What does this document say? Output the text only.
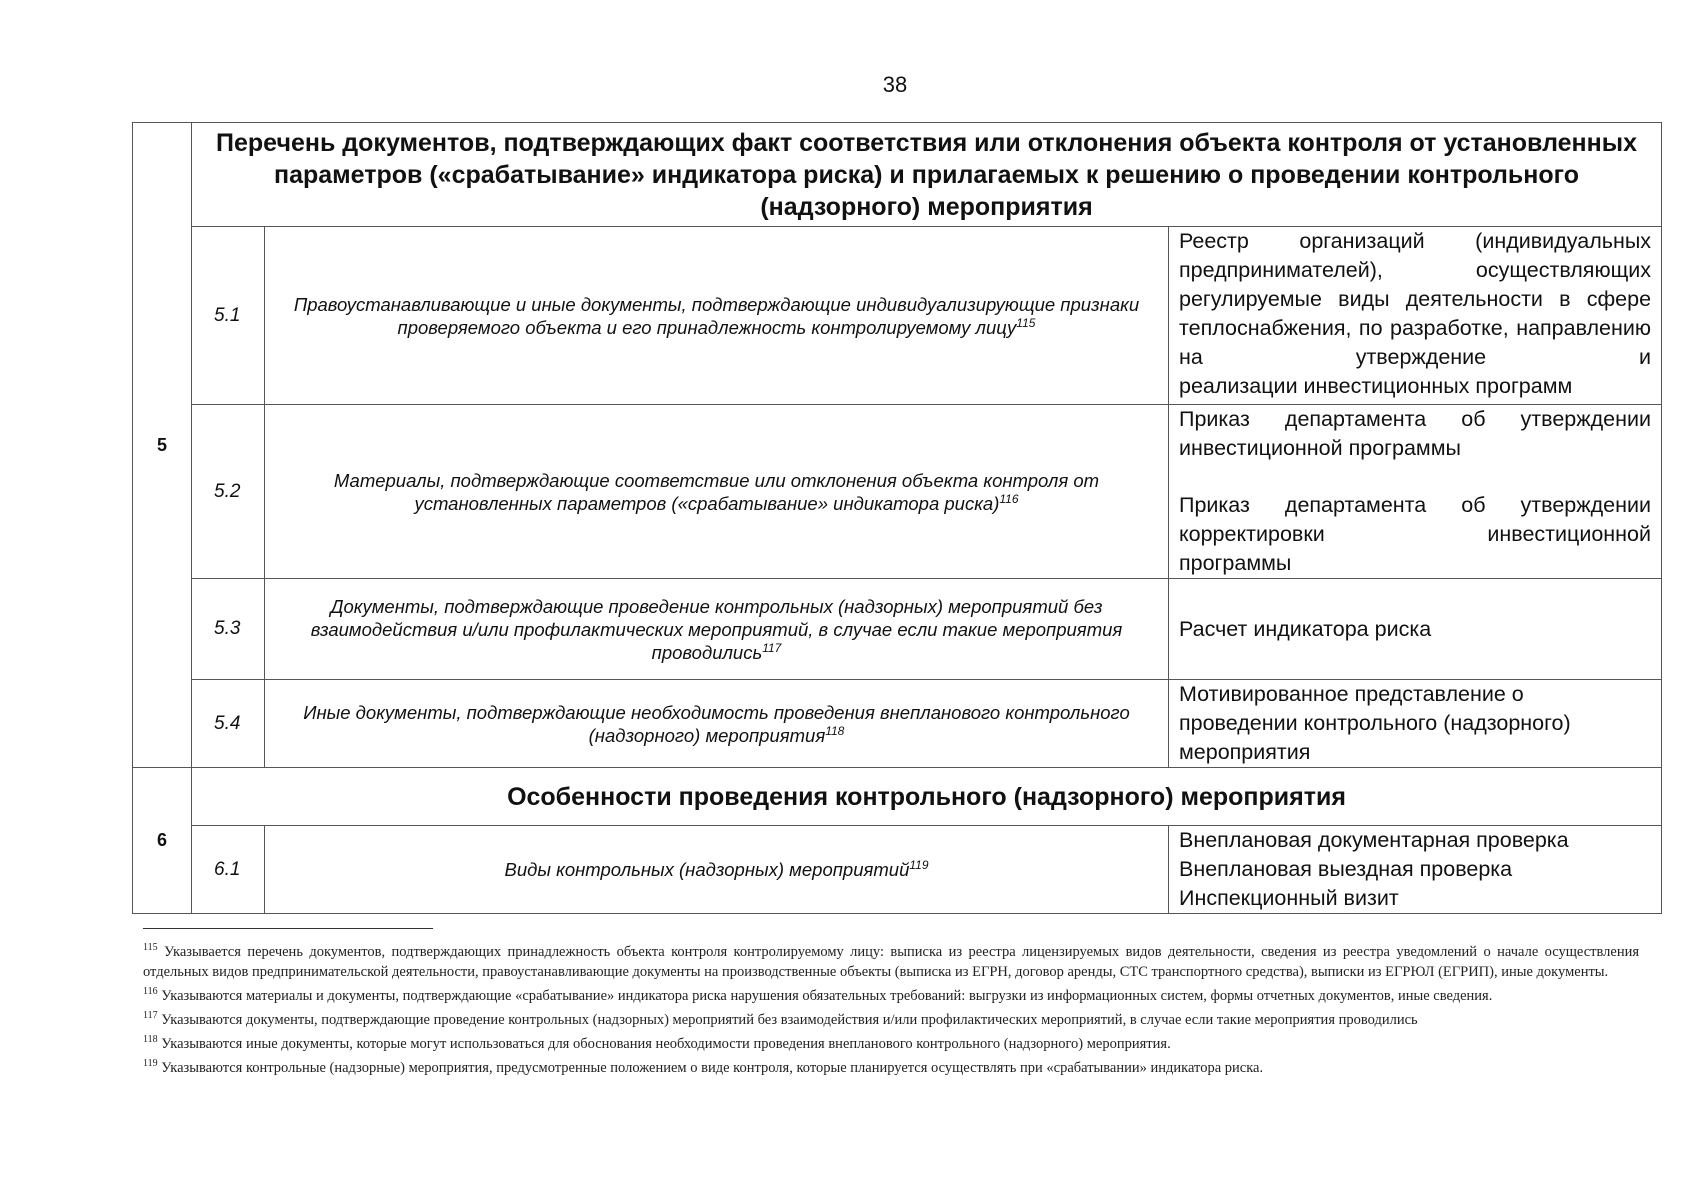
38
5	Перечень документов, подтверждающих факт соответствия или отклонения объекта контроля от установленных параметров («срабатывание» индикатора риска) и прилагаемых к решению о проведении контрольного (надзорного) мероприятия		
	5.1	Правоустанавливающие и иные документы, подтверждающие индивидуализирующие признаки проверяемого объекта и его принадлежность контролируемому лицу$^{115}$	Реестр организаций (индивидуальных предпринимателей), осуществляющих регулируемые виды деятельности в сфере теплоснабжения, по разработке, направлению на утверждение и
реализации инвестиционных программ

	5.2	Материалы, подтверждающие соответствие или отклонения объекта контроля от установленных параметров («срабатывание» индикатора риска)$^{116}$	Приказ департамента об утверждении
инвестиционной программы
Приказ департамента об утверждении корректировки инвестиционной
программы

	5.3	Документы, подтверждающие проведение контрольных (надзорных) мероприятий без взаимодействия и/или профилактических мероприятий, в случае если такие мероприятия проводились$^{117}$	Расчет индикатора риска
	5.4	Иные документы, подтверждающие необходимость проведения внепланового контрольного (надзорного) мероприятия$^{118}$	Мотивированное представление о
проведении контрольного (надзорного)
мероприятия

6	Особенности проведения контрольного (надзорного) мероприятия		
	6.1	Виды контрольных (надзорных) мероприятий$^{119}$	Внеплановая документарная проверка
Внеплановая выездная проверка
Инспекционный визит

$^{115}$ Указывается перечень документов, подтверждающих принадлежность объекта контроля контролируемому лицу: выписка из реестра лицензируемых видов деятельности, сведения из реестра уведомлений о начале осуществления отдельных видов предпринимательской деятельности, правоустанавливающие документы на производственные объекты (выписка из ЕГРН, договор аренды, СТС транспортного средства), выписки из ЕГРЮЛ (ЕГРИП), иные документы.

$^{116}$ Указываются материалы и документы, подтверждающие «срабатывание» индикатора риска нарушения обязательных требований: выгрузки из информационных систем, формы отчетных документов, иные сведения.

$^{117}$ Указываются документы, подтверждающие проведение контрольных (надзорных) мероприятий без взаимодействия и/или профилактических мероприятий, в случае если такие мероприятия проводились

$^{118}$ Указываются иные документы, которые могут использоваться для обоснования необходимости проведения внепланового контрольного (надзорного) мероприятия.

$^{119}$ Указываются контрольные (надзорные) мероприятия, предусмотренные положением о виде контроля, которые планируется осуществлять при «срабатывании» индикатора риска.
